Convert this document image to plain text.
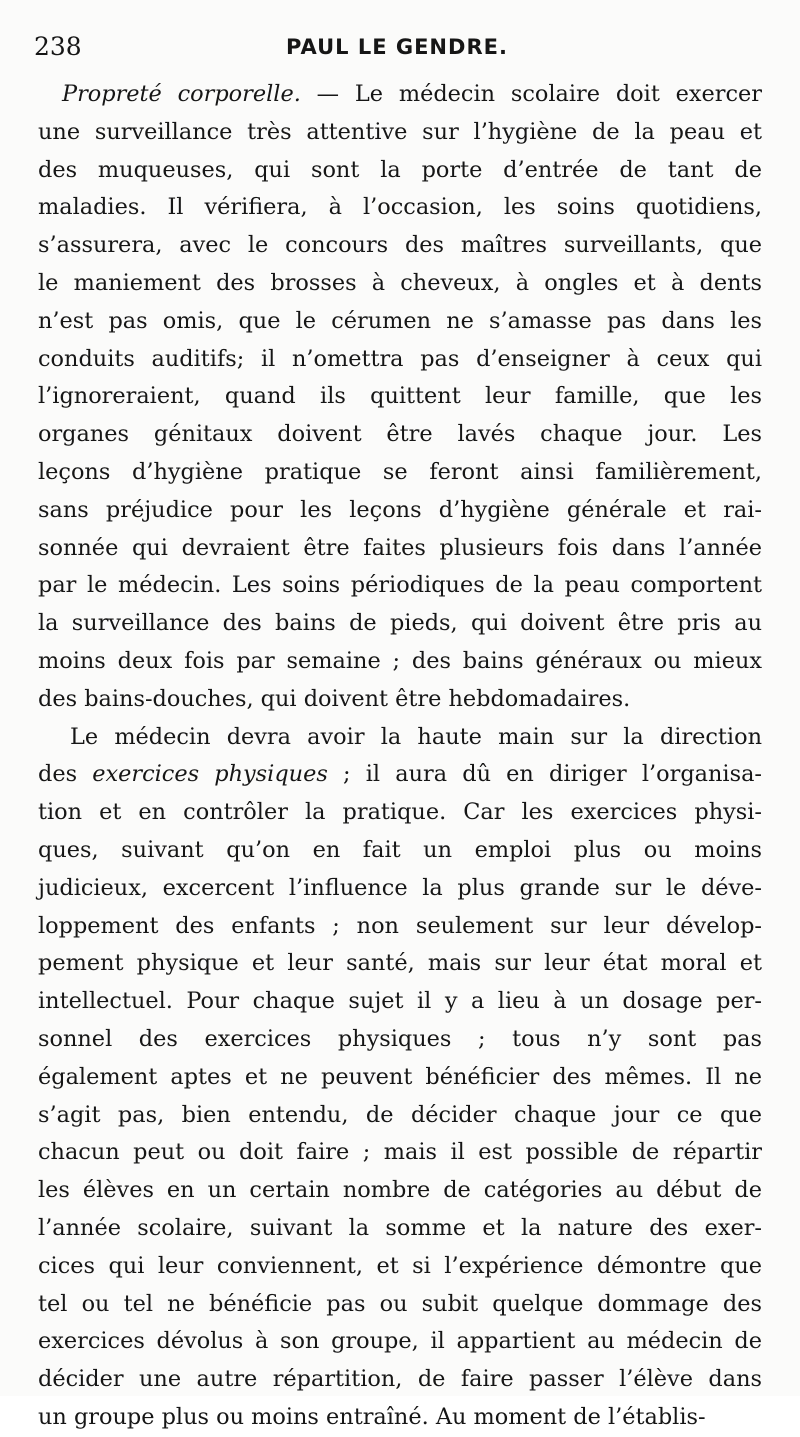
238	PAUL LE GENDRE.
Propreté corporelle. — Le médecin scolaire doit exercer
une surveillance très attentive sur l’hygiène de la peau et
des muqueuses, qui sont la porte d’entrée de tant de
maladies. Il vérifiera, à l’occasion, les soins quotidiens,
s’assurera, avec le concours des maîtres surveillants, que
le maniement des brosses à cheveux, à ongles et à dents
n’est pas omis, que le cérumen ne s’amasse pas dans les
conduits auditifs; il n’omettra pas d’enseigner à ceux qui
l’ignoreraient, quand ils quittent leur famille, que les
organes génitaux doivent être lavés chaque jour. Les
leçons d’hygiène pratique se feront ainsi familièrement,
sans préjudice pour les leçons d’hygiène générale et rai-
sonnée qui devraient être faites plusieurs fois dans l’année
par le médecin. Les soins périodiques de la peau comportent
la surveillance des bains de pieds, qui doivent être pris au
moins deux fois par semaine ; des bains généraux ou mieux
des bains-douches, qui doivent être hebdomadaires.
Le médecin devra avoir la haute main sur la direction
des exercices physiques ; il aura dû en diriger l’organisa-
tion et en contrôler la pratique. Car les exercices physi-
ques, suivant qu’on en fait un emploi plus ou moins
judicieux, excercent l’influence la plus grande sur le déve-
loppement des enfants ; non seulement sur leur dévelop-
pement physique et leur santé, mais sur leur état moral et
intellectuel. Pour chaque sujet il y a lieu à un dosage per-
sonnel des exercices physiques ; tous n’y sont pas
également aptes et ne peuvent bénéficier des mêmes. Il ne
s’agit pas, bien entendu, de décider chaque jour ce que
chacun peut ou doit faire ; mais il est possible de répartir
les élèves en un certain nombre de catégories au début de
l’année scolaire, suivant la somme et la nature des exer-
cices qui leur conviennent, et si l’expérience démontre que
tel ou tel ne bénéficie pas ou subit quelque dommage des
exercices dévolus à son groupe, il appartient au médecin de
décider une autre répartition, de faire passer l’élève dans
un groupe plus ou moins entraîné. Au moment de l’établis-
